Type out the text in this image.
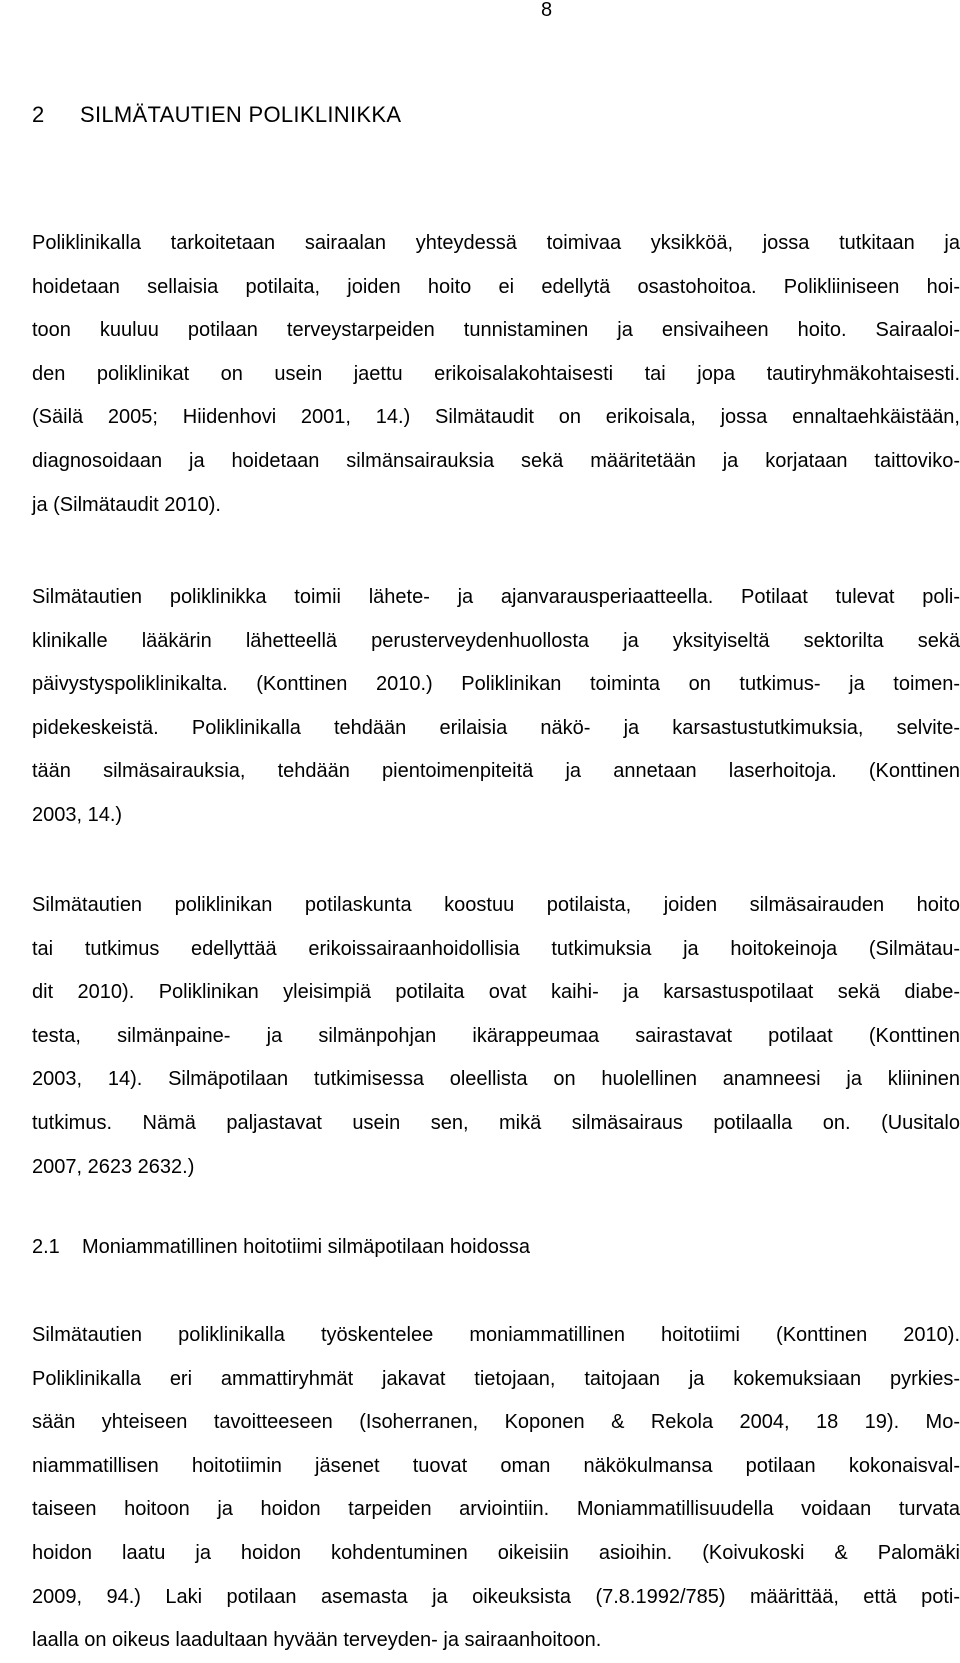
8
2 SILMÄTAUTIEN POLIKLINIKKA
Poliklinikalla tarkoitetaan sairaalan yhteydessä toimivaa yksikköä, jossa tutkitaan ja
hoidetaan sellaisia potilaita, joiden hoito ei edellytä osastohoitoa. Polikliiniseen hoi-
toon kuuluu potilaan terveystarpeiden tunnistaminen ja ensivaiheen hoito. Sairaaloi-
den poliklinikat on usein jaettu erikoisalakohtaisesti tai jopa tautiryhmäkohtaisesti.
(Säilä 2005; Hiidenhovi 2001, 14.) Silmätaudit on erikoisala, jossa ennaltaehkäistään,
diagnosoidaan ja hoidetaan silmänsairauksia sekä määritetään ja korjataan taittoviko-
ja (Silmätaudit 2010).
Silmätautien poliklinikka toimii lähete- ja ajanvarausperiaatteella. Potilaat tulevat poli-
klinikalle lääkärin lähetteellä perusterveydenhuollosta ja yksityiseltä sektorilta sekä
päivystyspoliklinikalta. (Konttinen 2010.) Poliklinikan toiminta on tutkimus- ja toimen-
pidekeskeistä. Poliklinikalla tehdään erilaisia näkö- ja karsastustutkimuksia, selvite-
tään silmäsairauksia, tehdään pientoimenpiteitä ja annetaan laserhoitoja. (Konttinen
2003, 14.)
Silmätautien poliklinikan potilaskunta koostuu potilaista, joiden silmäsairauden hoito
tai tutkimus edellyttää erikoissairaanhoidollisia tutkimuksia ja hoitokeinoja (Silmätau-
dit 2010). Poliklinikan yleisimpiä potilaita ovat kaihi- ja karsastuspotilaat sekä diabe-
testa, silmänpaine- ja silmänpohjan ikärappeumaa sairastavat potilaat (Konttinen
2003, 14). Silmäpotilaan tutkimisessa oleellista on huolellinen anamneesi ja kliininen
tutkimus. Nämä paljastavat usein sen, mikä silmäsairaus potilaalla on. (Uusitalo
2007, 2623 2632.)
2.1 Moniammatillinen hoitotiimi silmäpotilaan hoidossa
Silmätautien poliklinikalla työskentelee moniammatillinen hoitotiimi (Konttinen 2010).
Poliklinikalla eri ammattiryhmät jakavat tietojaan, taitojaan ja kokemuksiaan pyrkies-
sään yhteiseen tavoitteeseen (Isoherranen, Koponen & Rekola 2004, 18 19). Mo-
niammatillisen hoitotiimin jäsenet tuovat oman näkökulmansa potilaan kokonaisval-
taiseen hoitoon ja hoidon tarpeiden arviointiin. Moniammatillisuudella voidaan turvata
hoidon laatu ja hoidon kohdentuminen oikeisiin asioihin. (Koivukoski & Palomäki
2009, 94.) Laki potilaan asemasta ja oikeuksista (7.8.1992/785) määrittää, että poti-
laalla on oikeus laadultaan hyvään terveyden- ja sairaanhoitoon.
